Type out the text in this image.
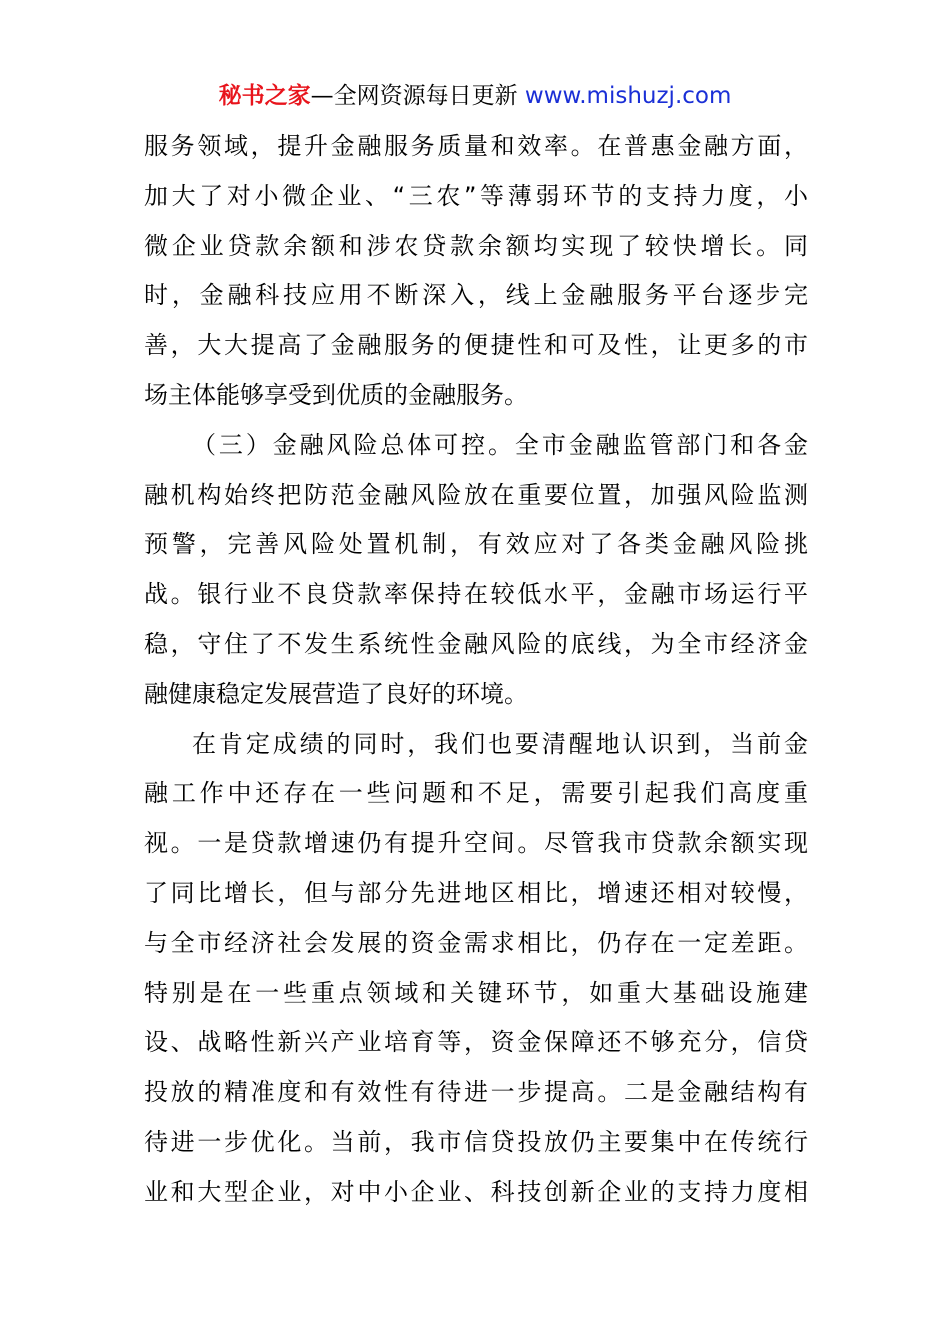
秘书之家—全网资源每日更新 www.mishuzj.com
服务领域，提升金融服务质量和效率。在普惠金融方面，
加大了对小微企业、“三农”等薄弱环节的支持力度，小
微企业贷款余额和涉农贷款余额均实现了较快增长。同
时，金融科技应用不断深入，线上金融服务平台逐步完
善，大大提高了金融服务的便捷性和可及性，让更多的市
场主体能够享受到优质的金融服务。
（三）金融风险总体可控。全市金融监管部门和各金
融机构始终把防范金融风险放在重要位置，加强风险监测
预警，完善风险处置机制，有效应对了各类金融风险挑
战。银行业不良贷款率保持在较低水平，金融市场运行平
稳，守住了不发生系统性金融风险的底线，为全市经济金
融健康稳定发展营造了良好的环境。
在肯定成绩的同时，我们也要清醒地认识到，当前金
融工作中还存在一些问题和不足，需要引起我们高度重
视。一是贷款增速仍有提升空间。尽管我市贷款余额实现
了同比增长，但与部分先进地区相比，增速还相对较慢，
与全市经济社会发展的资金需求相比，仍存在一定差距。
特别是在一些重点领域和关键环节，如重大基础设施建
设、战略性新兴产业培育等，资金保障还不够充分，信贷
投放的精准度和有效性有待进一步提高。二是金融结构有
待进一步优化。当前，我市信贷投放仍主要集中在传统行
业和大型企业，对中小企业、科技创新企业的支持力度相
